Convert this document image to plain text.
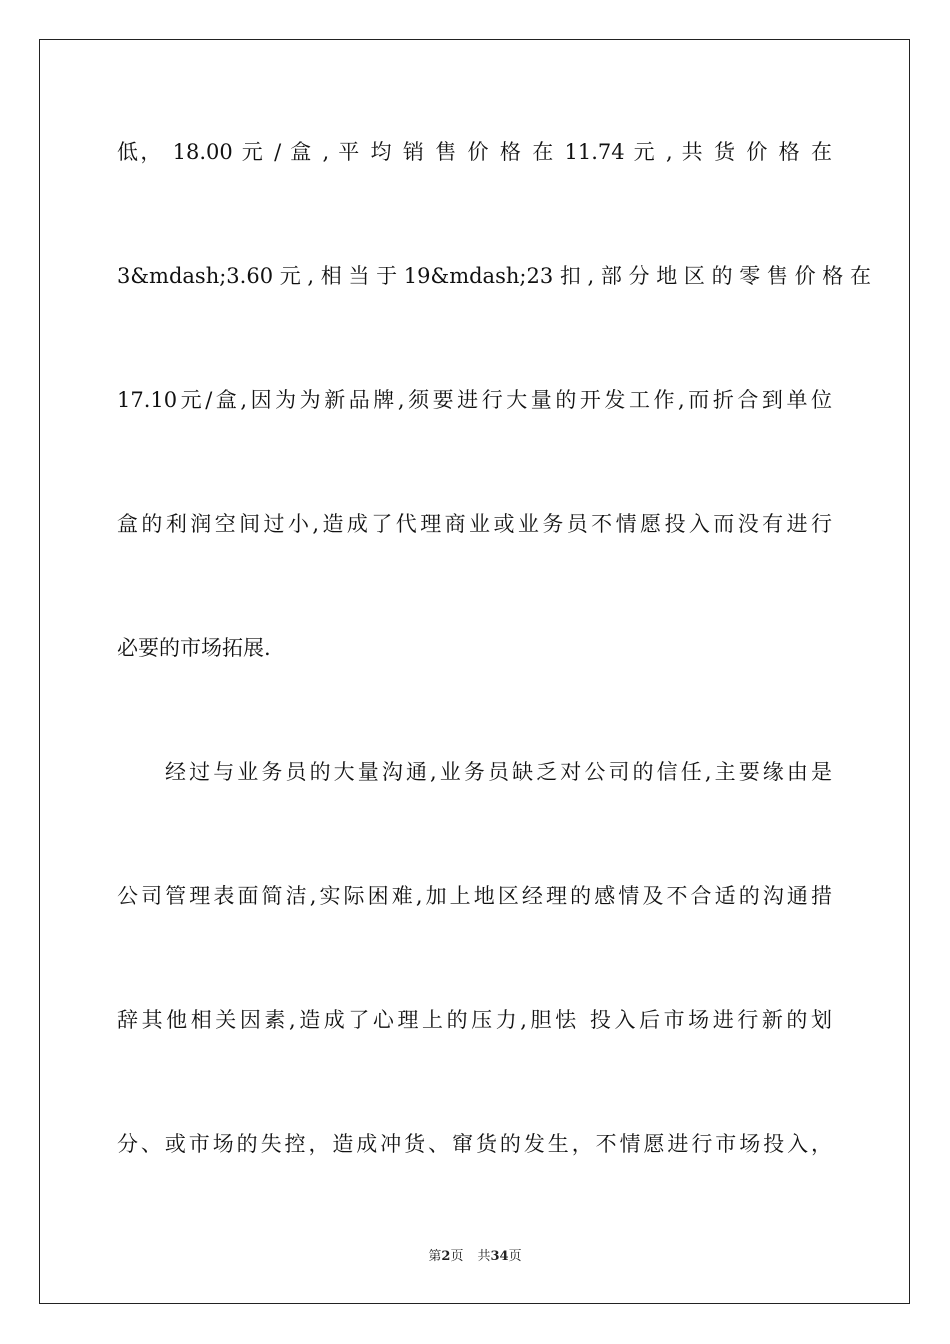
低， 18.00 元 / 盒 , 平 均 销 售 价 格 在 11.74 元 , 共 货 价 格 在
3&mdash;3.60 元 , 相 当 于 19&mdash;23 扣 , 部 分 地 区 的 零 售 价 格 在
17.10元/盒,因为为新品牌,须要进行大量的开发工作,而折合到单位
盒的利润空间过小,造成了代理商业或业务员不情愿投入而没有进行
必要的市场拓展.
经过与业务员的大量沟通,业务员缺乏对公司的信任,主要缘由是
公司管理表面简洁,实际困难,加上地区经理的感情及不合适的沟通措
辞其他相关因素,造成了心理上的压力,胆怯 投入后市场进行新的划
分、或市场的失控，造成冲货、窜货的发生，不情愿进行市场投入，
第2页 共34页
